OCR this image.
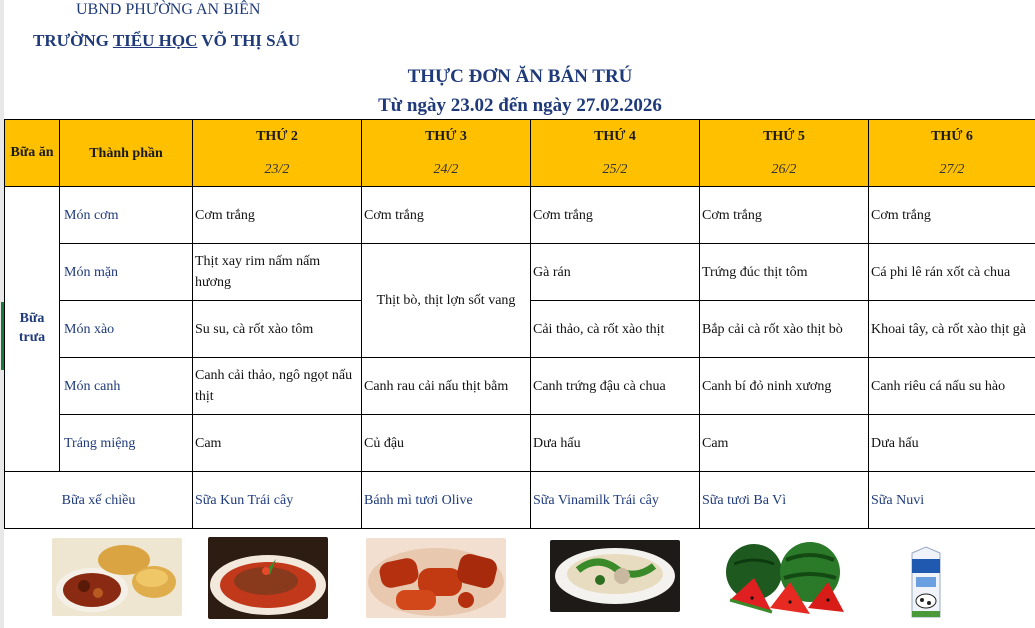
UBND PHƯỜNG AN BIÊN
TRƯỜNG TIỂU HỌC VÕ THỊ SÁU
THỰC ĐƠN ĂN BÁN TRÚ
Từ ngày 23.02 đến ngày 27.02.2026
Bữa ăn	Thành phần	THỨ 2	THỨ 3	THỨ 4	THỨ 5	THỨ 6
		23/2	24/2	25/2	26/2	27/2
Bữa trưa	Món cơm	Cơm trắng	Cơm trắng	Cơm trắng	Cơm trắng	Cơm trắng
	Món mặn	Thịt xay rim nấm nấm hương	Thịt bò, thịt lợn sốt vang	Gà rán	Trứng đúc thịt tôm	Cá phi lê rán xốt cà chua
	Món xào	Su su, cà rốt xào tôm		Cải thảo, cà rốt xào thịt	Bắp cải cà rốt xào thịt bò	Khoai tây, cà rốt xào thịt gà
	Món canh	Canh cải thảo, ngô ngọt nấu thịt	Canh rau cải nấu thịt bằm	Canh trứng đậu cà chua	Canh bí đỏ ninh xương	Canh riêu cá nấu su hào
	Tráng miệng	Cam	Củ đậu	Dưa hấu	Cam	Dưa hấu
Bữa xế chiều		Sữa Kun Trái cây	Bánh mì tươi Olive	Sữa Vinamilk Trái cây	Sữa tươi Ba Vì	Sữa Nuvi
